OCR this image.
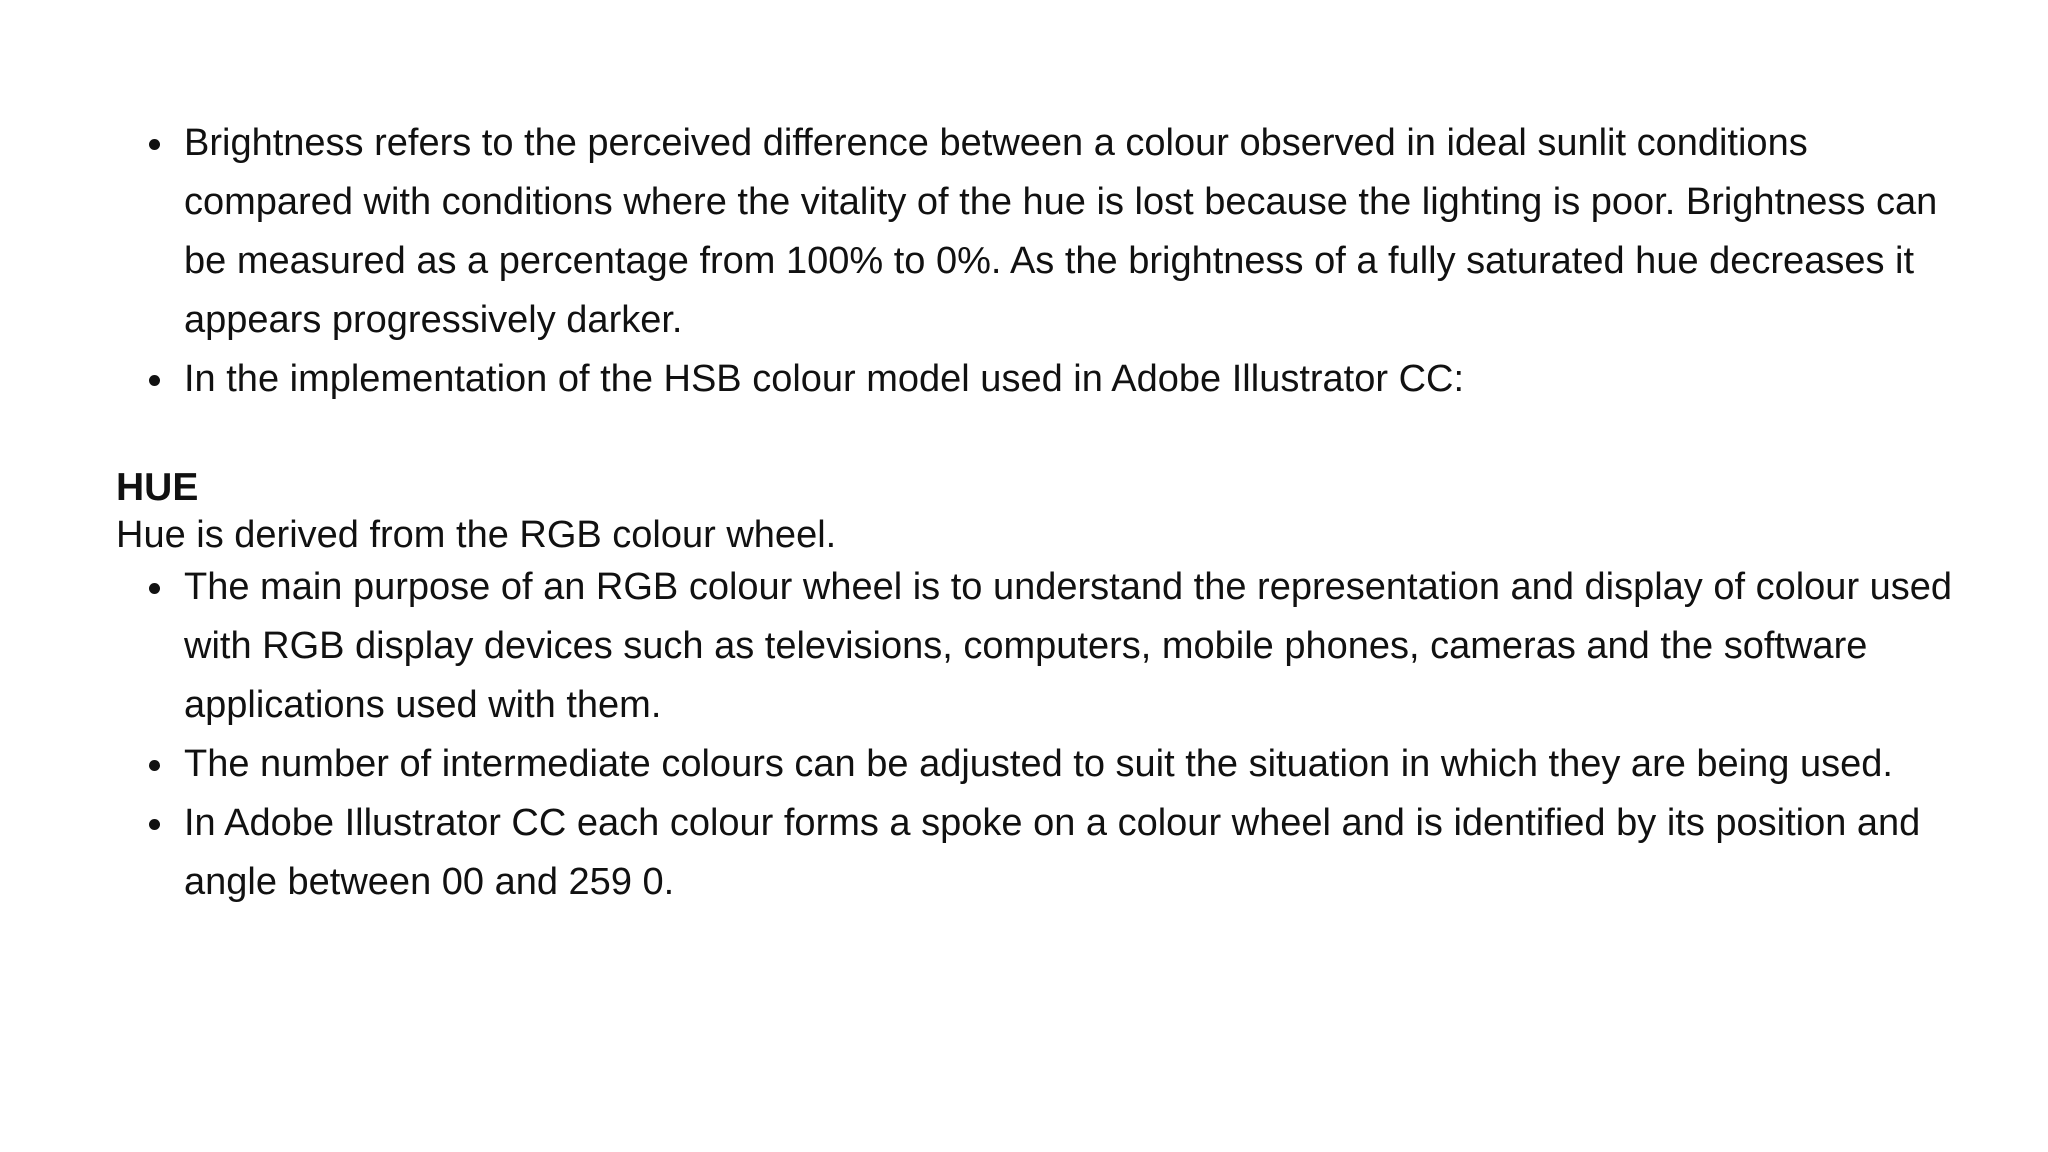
Brightness refers to the perceived difference between a colour observed in ideal sunlit conditions compared with conditions where the vitality of the hue is lost because the lighting is poor. Brightness can be measured as a percentage from 100% to 0%. As the brightness of a fully saturated hue decreases it appears progressively darker.
In the implementation of the HSB colour model used in Adobe Illustrator CC:
HUE
Hue is derived from the RGB colour wheel.
The main purpose of an RGB colour wheel is to understand the representation and display of colour used with RGB display devices such as televisions, computers, mobile phones, cameras and the software applications used with them.
The number of intermediate colours can be adjusted to suit the situation in which they are being used.
In Adobe Illustrator CC each colour forms a spoke on a colour wheel and is identified by its position and angle between 00 and 259 0.
